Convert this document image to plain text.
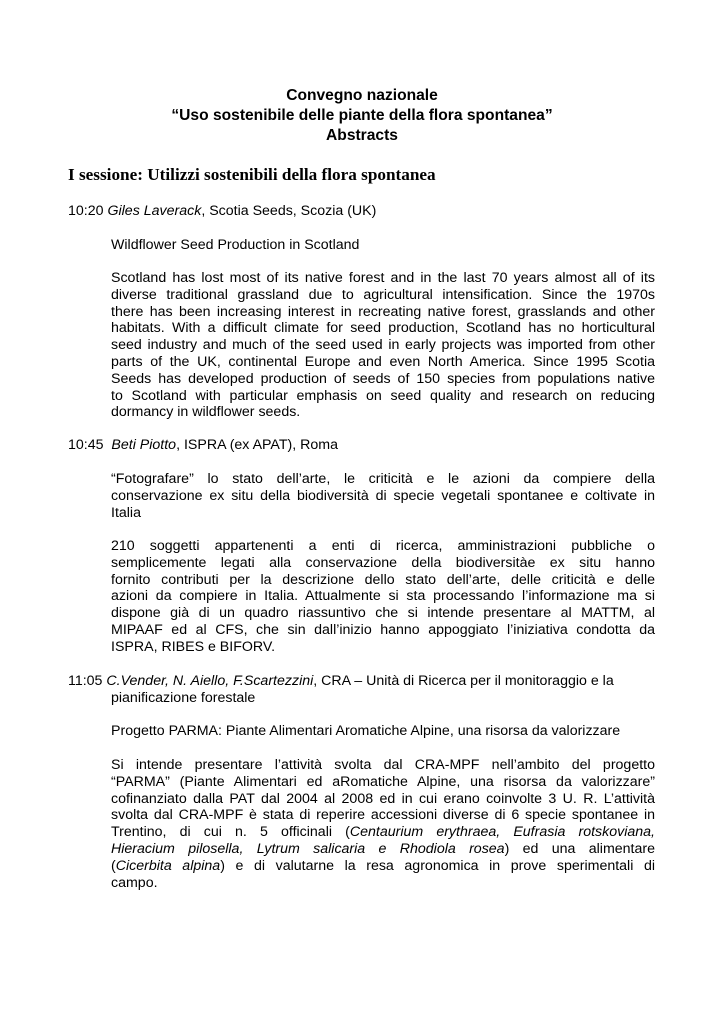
Convegno nazionale
“Uso sostenibile delle piante della flora spontanea”
Abstracts
I sessione: Utilizzi sostenibili della flora spontanea
10:20 Giles Laverack, Scotia Seeds, Scozia (UK)
Wildflower Seed Production in Scotland
Scotland has lost most of its native forest and in the last 70 years almost all of its
diverse traditional grassland due to agricultural intensification. Since the 1970s
there has been increasing interest in recreating native forest, grasslands and other
habitats. With a difficult climate for seed production, Scotland has no horticultural
seed industry and much of the seed used in early projects was imported from other
parts of the UK, continental Europe and even North America. Since 1995 Scotia
Seeds has developed production of seeds of 150 species from populations native
to Scotland with particular emphasis on seed quality and research on reducing
dormancy in wildflower seeds.
10:45 Beti Piotto, ISPRA (ex APAT), Roma
“Fotografare” lo stato dell’arte, le criticità e le azioni da compiere della
conservazione ex situ della biodiversità di specie vegetali spontanee e coltivate in
Italia
210 soggetti appartenenti a enti di ricerca, amministrazioni pubbliche o
semplicemente legati alla conservazione della biodiversitàe ex situ hanno
fornito contributi per la descrizione dello stato dell’arte, delle criticità e delle
azioni da compiere in Italia. Attualmente si sta processando l’informazione ma si
dispone già di un quadro riassuntivo che si intende presentare al MATTM, al
MIPAAF ed al CFS, che sin dall’inizio hanno appoggiato l’iniziativa condotta da
ISPRA, RIBES e BIFORV.
11:05 C.Vender, N. Aiello, F.Scartezzini, CRA – Unità di Ricerca per il monitoraggio e la
pianificazione forestale
Progetto PARMA: Piante Alimentari Aromatiche Alpine, una risorsa da valorizzare
Si intende presentare l’attività svolta dal CRA-MPF nell’ambito del progetto
“PARMA” (Piante Alimentari ed aRomatiche Alpine, una risorsa da valorizzare”
cofinanziato dalla PAT dal 2004 al 2008 ed in cui erano coinvolte 3 U. R. L’attività
svolta dal CRA-MPF è stata di reperire accessioni diverse di 6 specie spontanee in
Trentino, di cui n. 5 officinali (Centaurium erythraea, Eufrasia rotskoviana,
Hieracium pilosella, Lytrum salicaria e Rhodiola rosea) ed una alimentare
(Cicerbita alpina) e di valutarne la resa agronomica in prove sperimentali di
campo.
